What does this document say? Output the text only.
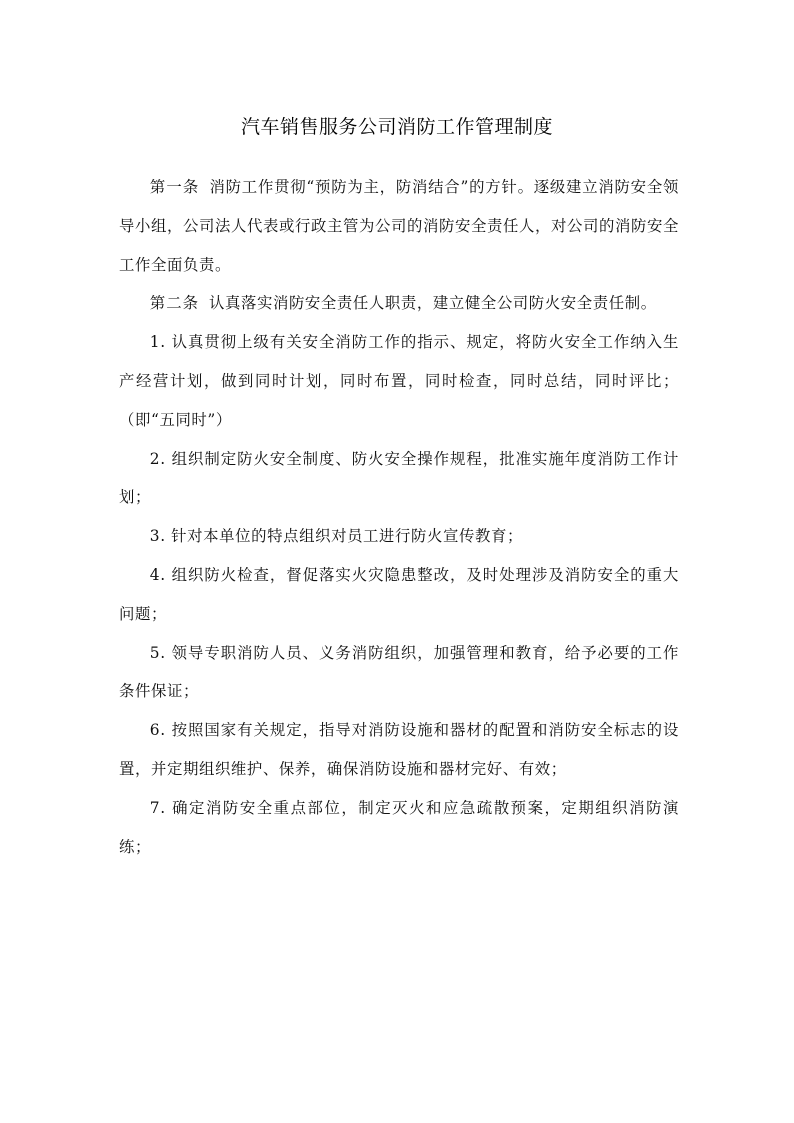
汽车销售服务公司消防工作管理制度

第一条 消防工作贯彻“预防为主，防消结合”的方针。逐级建立消防安全领导小组，公司法人代表或行政主管为公司的消防安全责任人，对公司的消防安全工作全面负责。

第二条 认真落实消防安全责任人职责，建立健全公司防火安全责任制。

1. 认真贯彻上级有关安全消防工作的指示、规定，将防火安全工作纳入生产经营计划，做到同时计划，同时布置，同时检查，同时总结，同时评比；（即“五同时”）

2. 组织制定防火安全制度、防火安全操作规程，批准实施年度消防工作计划；

3. 针对本单位的特点组织对员工进行防火宣传教育；

4. 组织防火检查，督促落实火灾隐患整改，及时处理涉及消防安全的重大问题；

5. 领导专职消防人员、义务消防组织，加强管理和教育，给予必要的工作条件保证；

6. 按照国家有关规定，指导对消防设施和器材的配置和消防安全标志的设置，并定期组织维护、保养，确保消防设施和器材完好、有效；

7. 确定消防安全重点部位，制定灭火和应急疏散预案，定期组织消防演练；
